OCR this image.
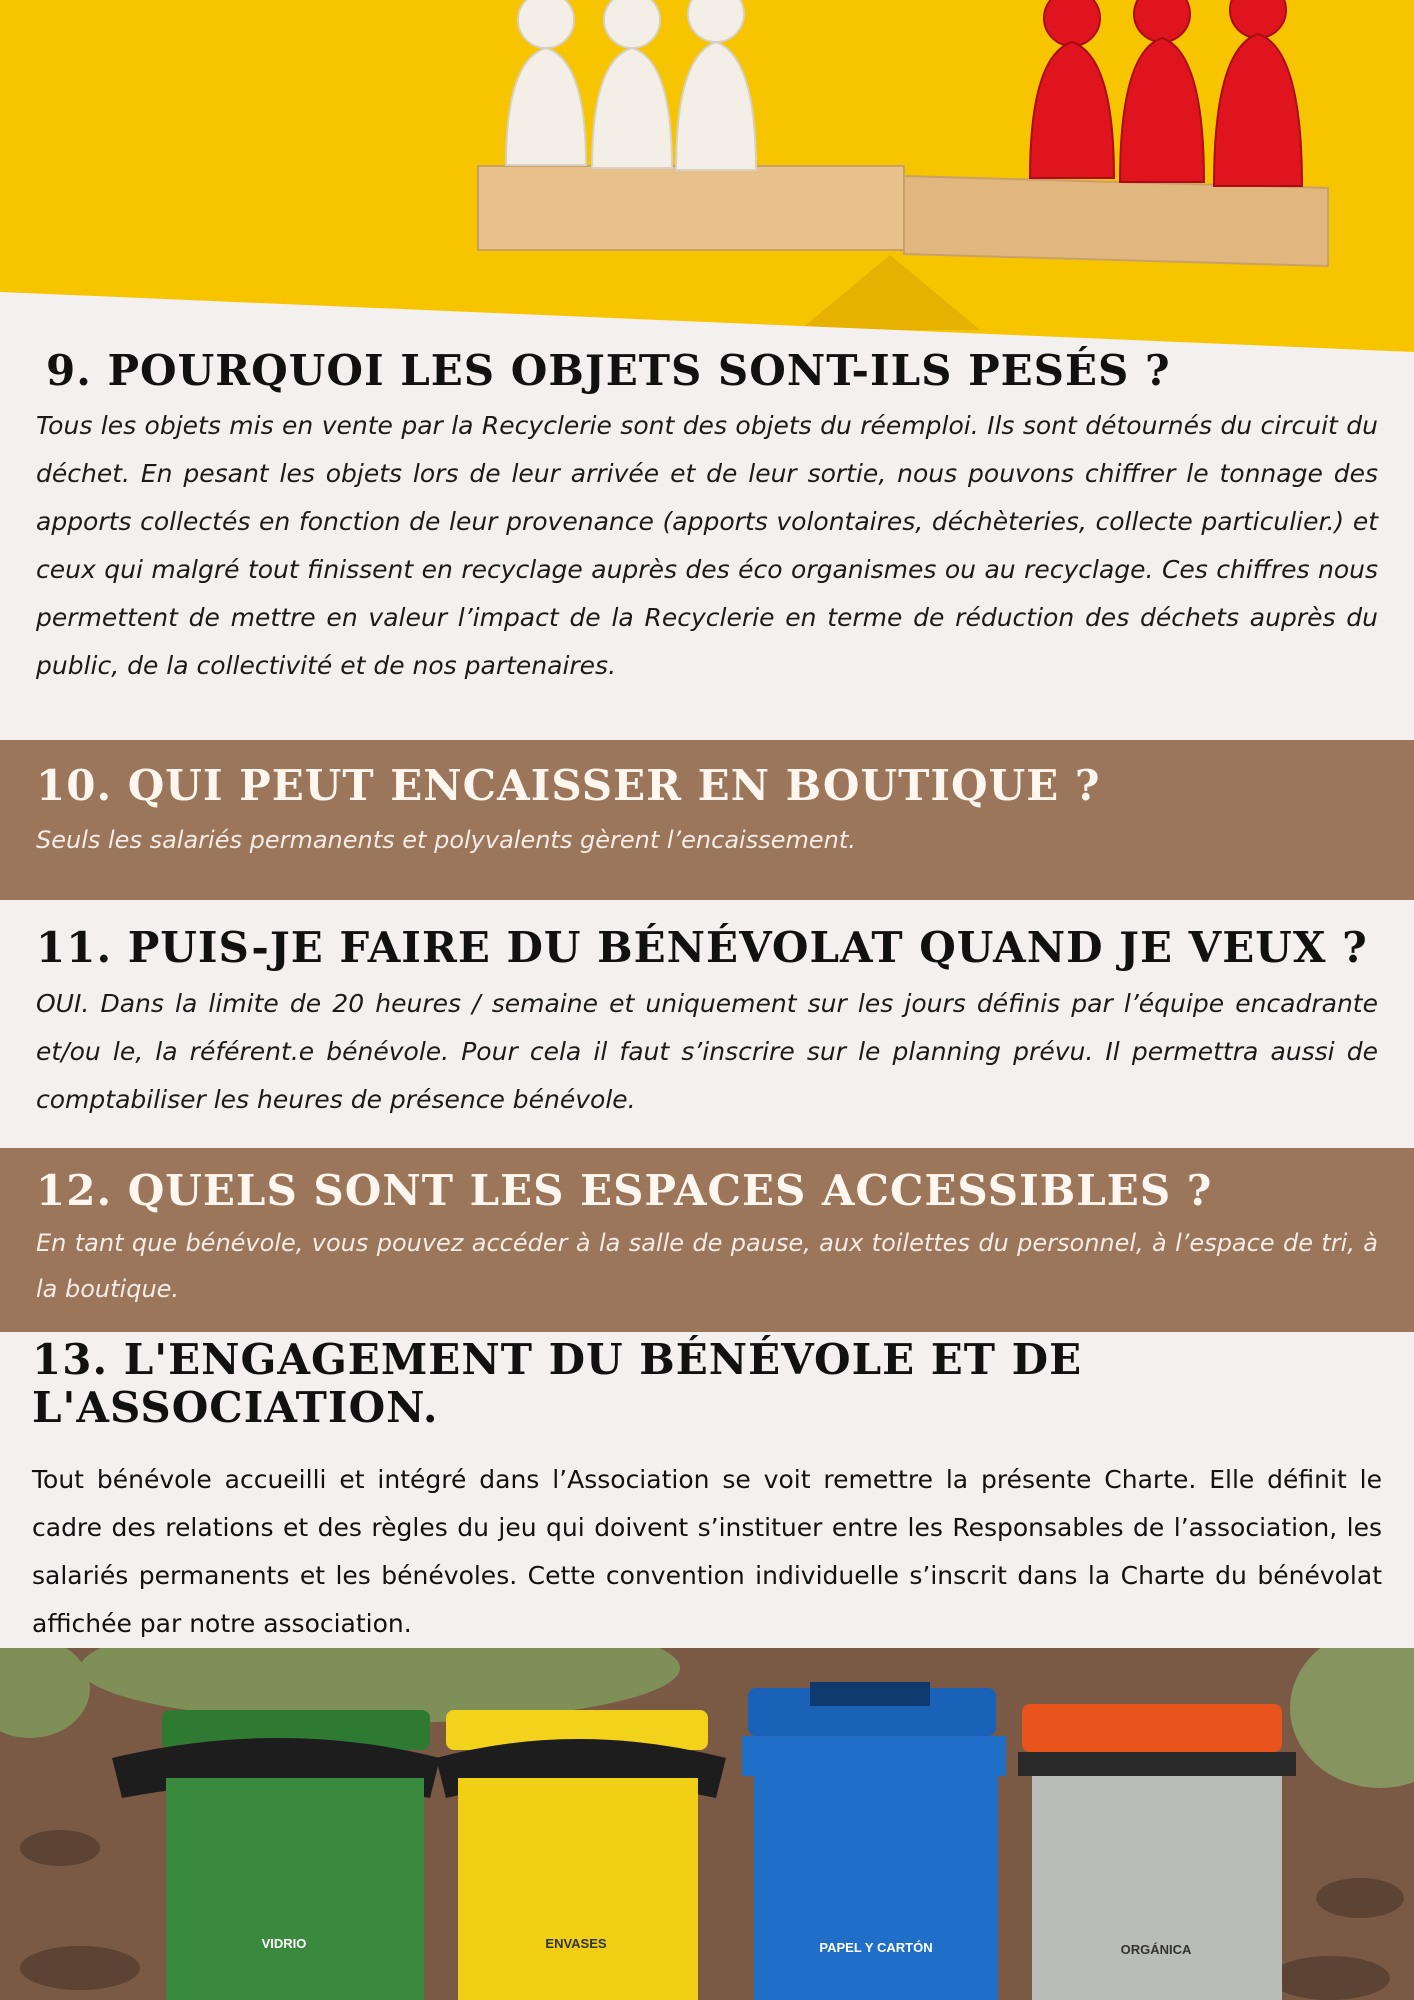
9. POURQUOI LES OBJETS SONT-ILS PESÉS ?

Tous les objets mis en vente par la Recyclerie sont des objets du réemploi. Ils sont détournés du circuit du déchet. En pesant les objets lors de leur arrivée et de leur sortie, nous pouvons chiffrer le tonnage des apports collectés en fonction de leur provenance (apports volontaires, déchèteries, collecte particulier.) et ceux qui malgré tout finissent en recyclage auprès des éco organismes ou au recyclage. Ces chiffres nous permettent de mettre en valeur l’impact de la Recyclerie en terme de réduction des déchets auprès du public, de la collectivité et de nos partenaires.

10. QUI PEUT ENCAISSER EN BOUTIQUE ?

Seuls les salariés permanents et polyvalents gèrent l’encaissement.

11. PUIS-JE FAIRE DU BÉNÉVOLAT QUAND JE VEUX ?

OUI. Dans la limite de 20 heures / semaine et uniquement sur les jours définis par l’équipe encadrante et/ou le, la référent.e bénévole. Pour cela il faut s’inscrire sur le planning prévu. Il permettra aussi de comptabiliser les heures de présence bénévole.

12. QUELS SONT LES ESPACES ACCESSIBLES ?

En tant que bénévole, vous pouvez accéder à la salle de pause, aux toilettes du personnel, à l’espace de tri, à la boutique.

13. L'ENGAGEMENT DU BÉNÉVOLE ET DE L'ASSOCIATION.

Tout bénévole accueilli et intégré dans l’Association se voit remettre la présente Charte. Elle définit le cadre des relations et des règles du jeu qui doivent s’instituer entre les Responsables de l’association, les salariés permanents et les bénévoles. Cette convention individuelle s’inscrit dans la Charte du bénévolat affichée par notre association.

VIDRIO	ENVASES	PAPEL Y CARTÓN	ORGÁNICA
